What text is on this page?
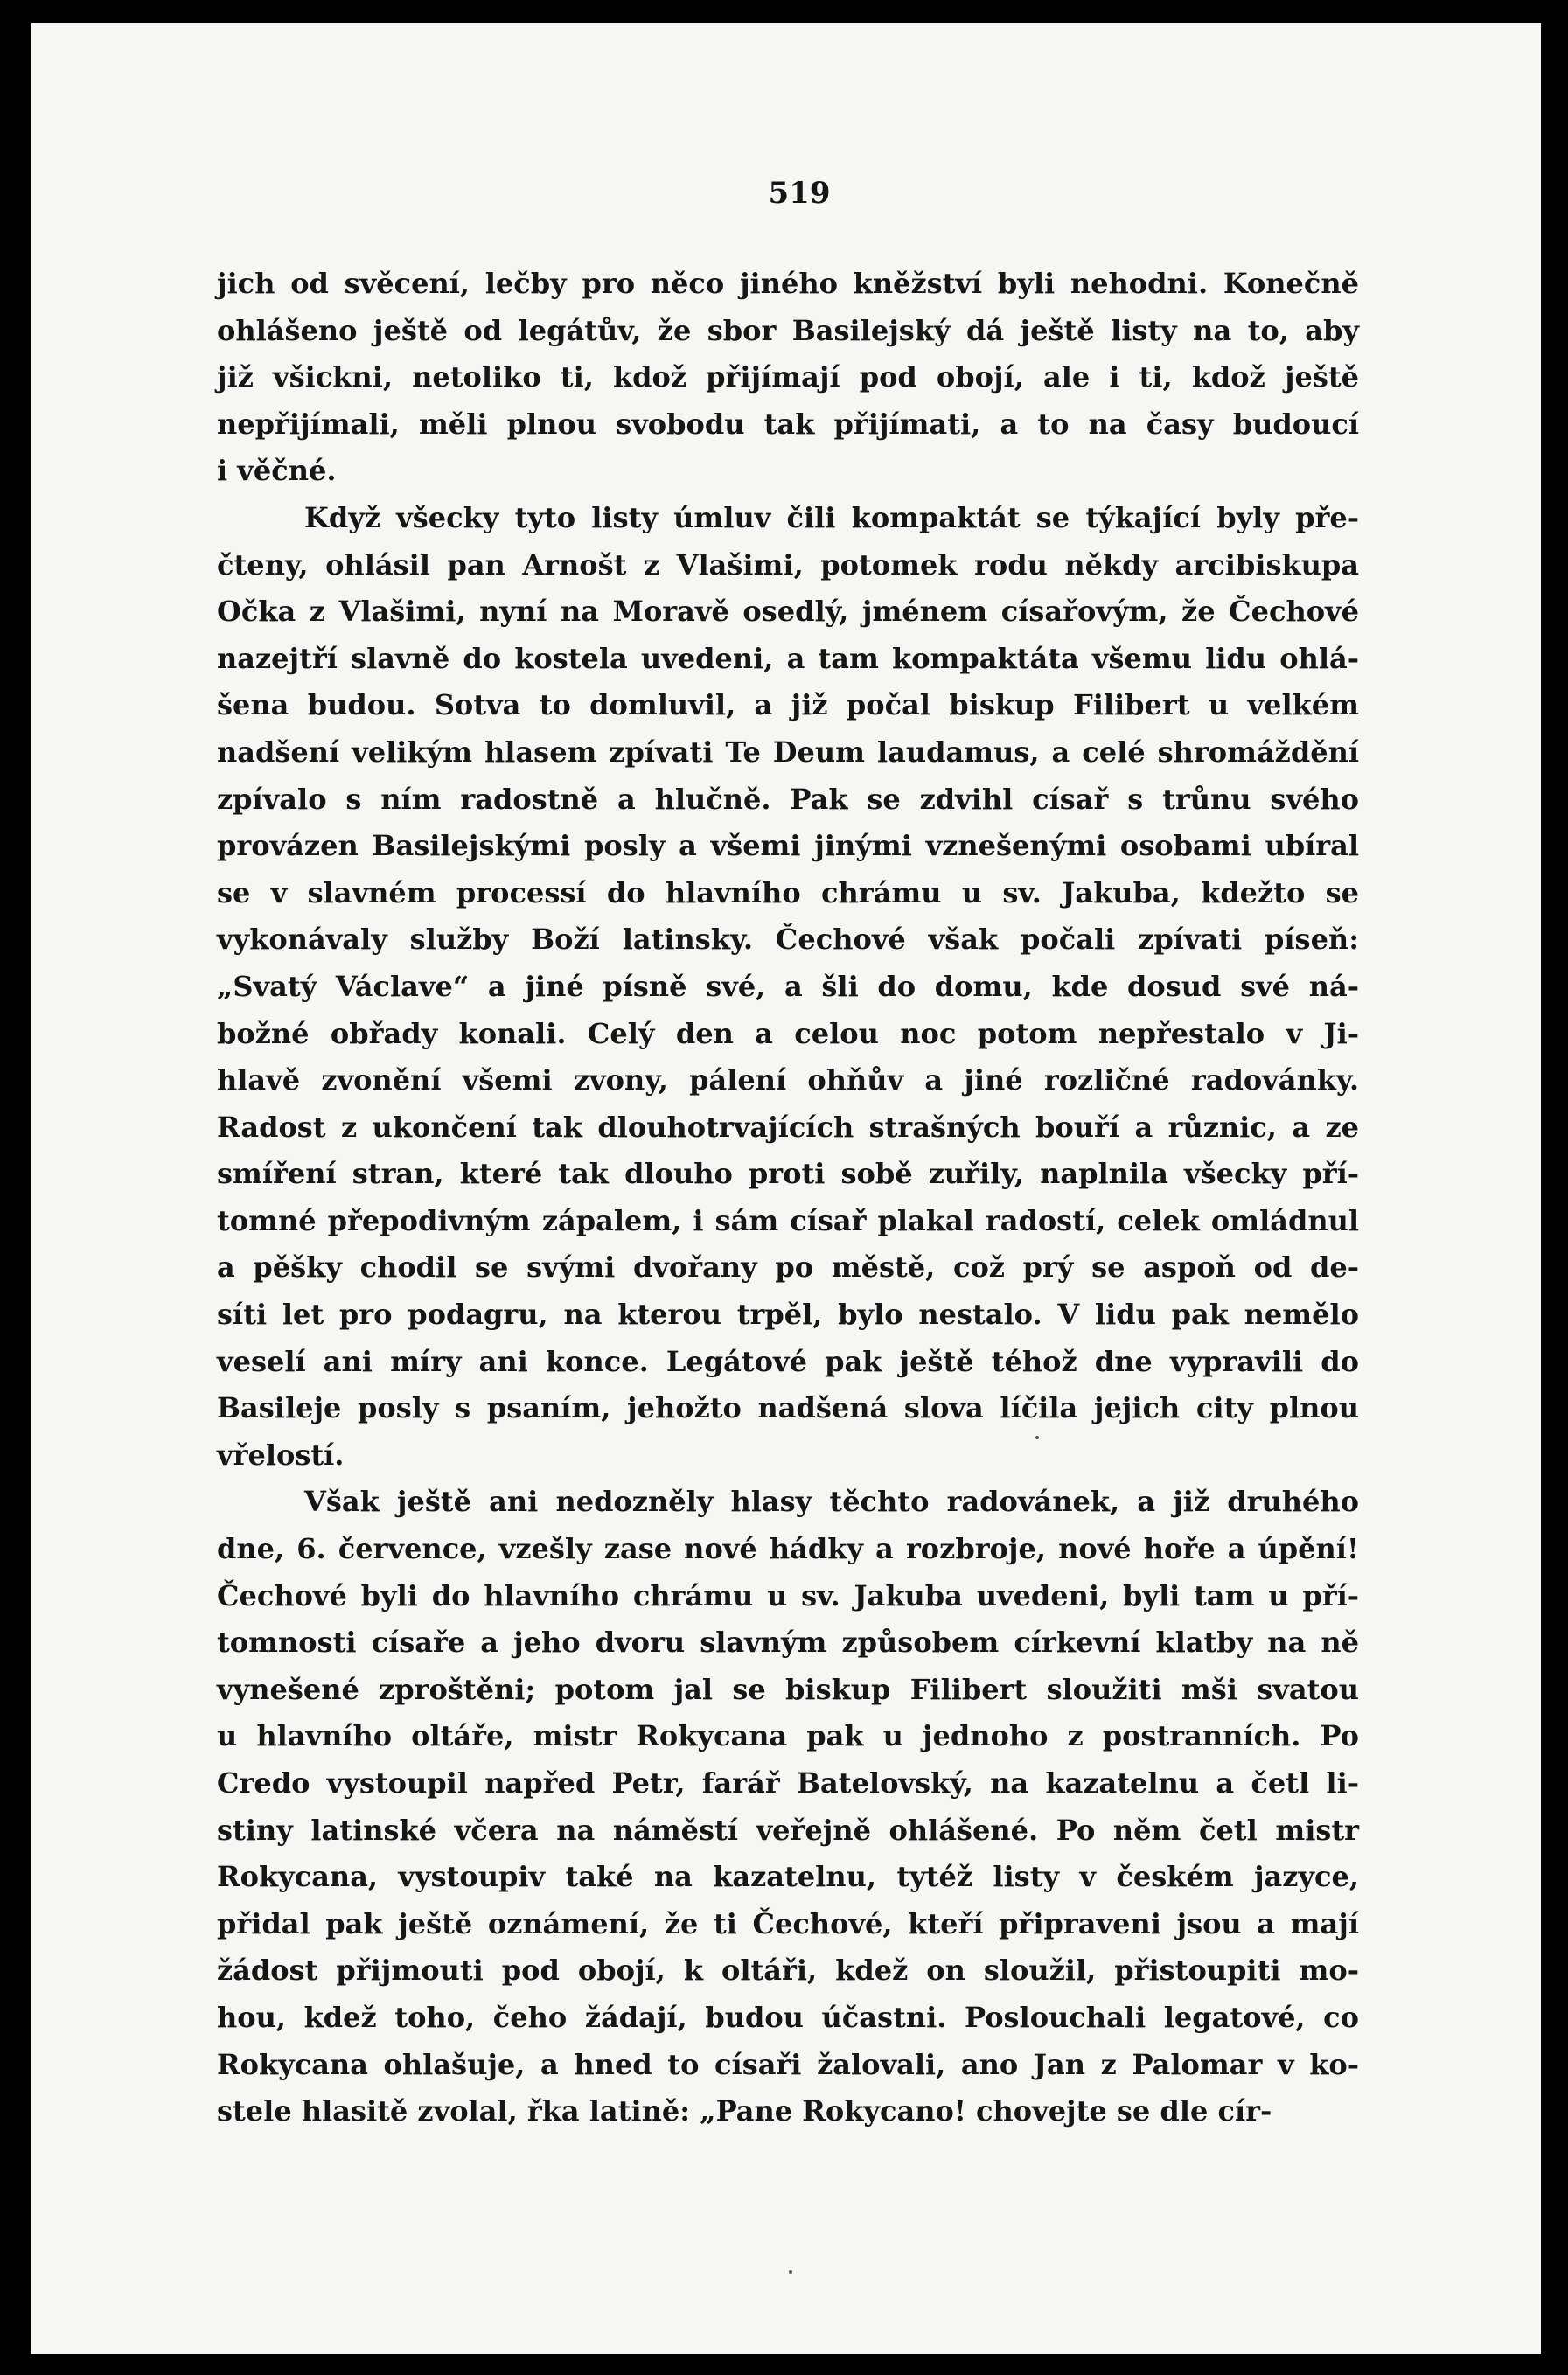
519
jich od svěcení, lečby pro něco jiného kněžství byli nehodni. Konečně
ohlášeno ještě od legátův, že sbor Basilejský dá ještě listy na to, aby
již všickni, netoliko ti, kdož přijímají pod obojí, ale i ti, kdož ještě
nepřijímali, měli plnou svobodu tak přijímati, a to na časy budoucí
i věčné.
Když všecky tyto listy úmluv čili kompaktát se týkající byly pře-
čteny, ohlásil pan Arnošt z Vlašimi, potomek rodu někdy arcibiskupa
Očka z Vlašimi, nyní na Moravě osedlý, jménem císařovým, že Čechové
nazejtří slavně do kostela uvedeni, a tam kompaktáta všemu lidu ohlá-
šena budou. Sotva to domluvil, a již počal biskup Filibert u velkém
nadšení velikým hlasem zpívati Te Deum laudamus, a celé shromáždění
zpívalo s ním radostně a hlučně. Pak se zdvihl císař s trůnu svého
provázen Basilejskými posly a všemi jinými vznešenými osobami ubíral
se v slavném processí do hlavního chrámu u sv. Jakuba, kdežto se
vykonávaly služby Boží latinsky. Čechové však počali zpívati píseň:
„Svatý Václave“ a jiné písně své, a šli do domu, kde dosud své ná-
božné obřady konali. Celý den a celou noc potom nepřestalo v Ji-
hlavě zvonění všemi zvony, pálení ohňův a jiné rozličné radovánky.
Radost z ukončení tak dlouhotrvajících strašných bouří a různic, a ze
smíření stran, které tak dlouho proti sobě zuřily, naplnila všecky pří-
tomné přepodivným zápalem, i sám císař plakal radostí, celek omládnul
a pěšky chodil se svými dvořany po městě, což prý se aspoň od de-
síti let pro podagru, na kterou trpěl, bylo nestalo. V lidu pak nemělo
veselí ani míry ani konce. Legátové pak ještě téhož dne vypravili do
Basileje posly s psaním, jehožto nadšená slova líčila jejich city plnou
vřelostí.
Však ještě ani nedozněly hlasy těchto radovánek, a již druhého
dne, 6. července, vzešly zase nové hádky a rozbroje, nové hoře a úpění!
Čechové byli do hlavního chrámu u sv. Jakuba uvedeni, byli tam u pří-
tomnosti císaře a jeho dvoru slavným způsobem církevní klatby na ně
vynešené zproštěni; potom jal se biskup Filibert sloužiti mši svatou
u hlavního oltáře, mistr Rokycana pak u jednoho z postranních. Po
Credo vystoupil napřed Petr, farář Batelovský, na kazatelnu a četl li-
stiny latinské včera na náměstí veřejně ohlášené. Po něm četl mistr
Rokycana, vystoupiv také na kazatelnu, tytéž listy v českém jazyce,
přidal pak ještě oznámení, že ti Čechové, kteří připraveni jsou a mají
žádost přijmouti pod obojí, k oltáři, kdež on sloužil, přistoupiti mo-
hou, kdež toho, čeho žádají, budou účastni. Poslouchali legatové, co
Rokycana ohlašuje, a hned to císaři žalovali, ano Jan z Palomar v ko-
stele hlasitě zvolal, řka latině: „Pane Rokycano! chovejte se dle cír-
